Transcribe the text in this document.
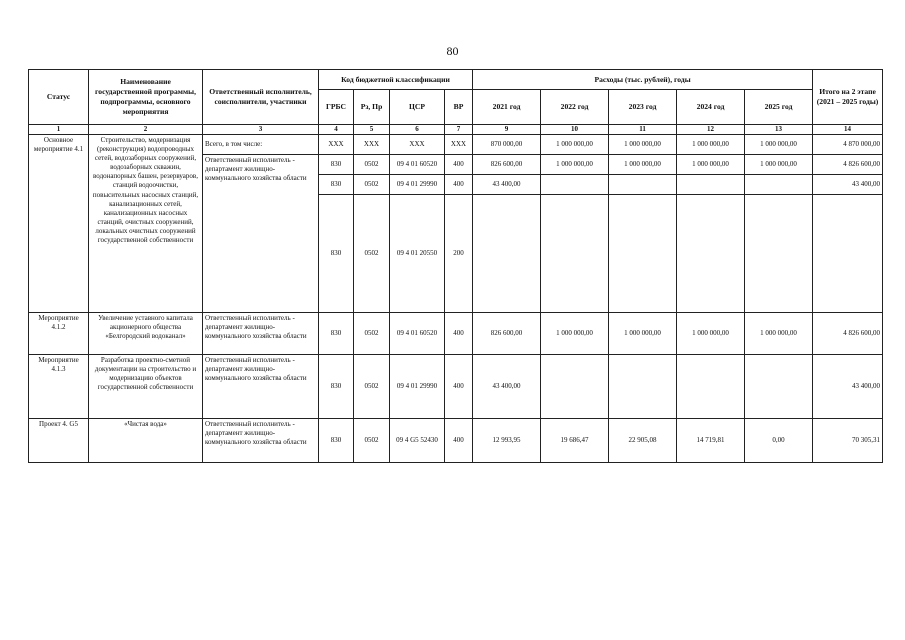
80
Статус	Наименование государственной программы, подпрограммы, основного мероприятия	Ответственный исполнитель, соисполнители, участники	Код бюджетной классификации				Расходы (тыс. рублей), годы					Итого на 2 этапе (2021 – 2025 годы)
			ГРБС	Рз, Пр	ЦСР	ВР	2021 год	2022 год	2023 год	2024 год	2025 год	
1	2	3	4	5	6	7	9	10	11	12	13	14
Основное мероприятие 4.1	Строительство, модернизация (реконструкция) водопроводных сетей, водозаборных сооружений, водозаборных скважин, водонапорных башен, резервуаров, станций водоочистки, повысительных насосных станций, канализационных сетей, канализационных насосных станций, очистных сооружений, локальных очистных сооружений государственной собственности	Всего, в том числе:	XXX	XXX	XXX	XXX	870 000,00	1 000 000,00	1 000 000,00	1 000 000,00	1 000 000,00	4 870 000,00
		Ответственный исполнитель - департамент жилищно-коммунального хозяйства области	830	0502	09 4 01 60520	400	826 600,00	1 000 000,00	1 000 000,00	1 000 000,00	1 000 000,00	4 826 600,00
			830	0502	09 4 01 29990	400	43 400,00					43 400,00
			830	0502	09 4 01 20550	200						
Мероприятие 4.1.2	Увеличение уставного капитала акционерного общества «Белгородский водоканал»	Ответственный исполнитель - департамент жилищно-коммунального хозяйства области	830	0502	09 4 01 60520	400	826 600,00	1 000 000,00	1 000 000,00	1 000 000,00	1 000 000,00	4 826 600,00
Мероприятие 4.1.3	Разработка проектно-сметной документации на строительство и модернизацию объектов государственной собственности	Ответственный исполнитель - департамент жилищно-коммунального хозяйства области	830	0502	09 4 01 29990	400	43 400,00					43 400,00
Проект 4. G5	«Чистая вода»	Ответственный исполнитель - департамент жилищно-коммунального хозяйства области	830	0502	09 4 G5 52430	400	12 993,95	19 686,47	22 905,08	14 719,81	0,00	70 305,31
